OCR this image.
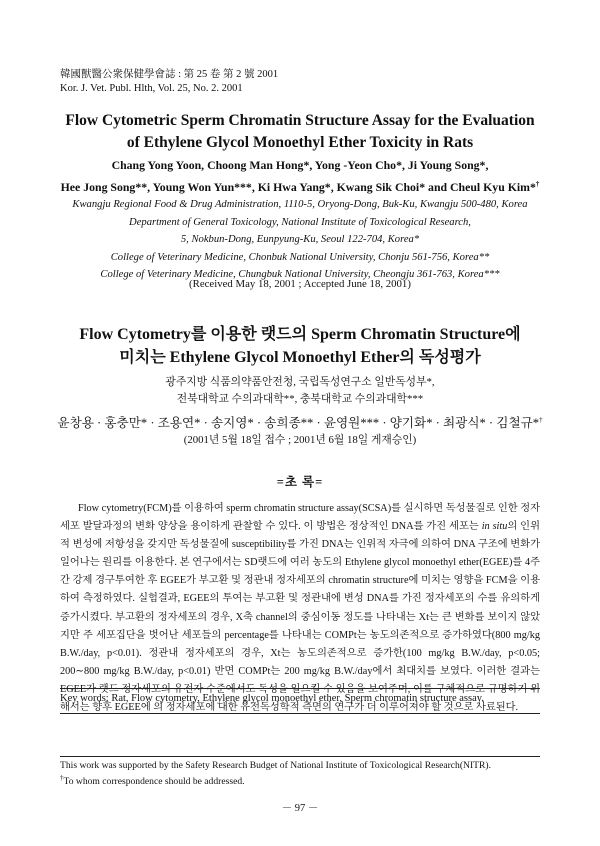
韓國獸醫公衆保健學會誌 : 第 25 卷 第 2 號 2001
Kor. J. Vet. Publ. Hlth, Vol. 25, No. 2. 2001
Flow Cytometric Sperm Chromatin Structure Assay for the Evaluation
of Ethylene Glycol Monoethyl Ether Toxicity in Rats
Chang Yong Yoon, Choong Man Hong*, Yong -Yeon Cho*, Ji Young Song*,
Hee Jong Song**, Young Won Yun***, Ki Hwa Yang*, Kwang Sik Choi* and Cheul Kyu Kim*†
Kwangju Regional Food & Drug Administration, 1110-5, Oryong-Dong, Buk-Ku, Kwangju 500-480, Korea
Department of General Toxicology, National Institute of Toxicological Research,
5, Nokbun-Dong, Eunpyung-Ku, Seoul 122-704, Korea*
College of Veterinary Medicine, Chonbuk National University, Chonju 561-756, Korea**
College of Veterinary Medicine, Chungbuk National University, Cheongju 361-763, Korea***
(Received May 18, 2001 ; Accepted June 18, 2001)
Flow Cytometry를 이용한 랫드의 Sperm Chromatin Structure에
미치는 Ethylene Glycol Monoethyl Ether의 독성평가
광주지방 식품의약품안전청, 국립독성연구소 일반독성부*,
전북대학교 수의과대학**, 충북대학교 수의과대학***
윤창용 · 홍충만* · 조용연* · 송지영* · 송희종** · 윤영원*** · 양기화* · 최광식* · 김철규*†
(2001년 5월 18일 접수 ; 2001년 6월 18일 게재승인)
=초 록=
Flow cytometry(FCM)를 이용하여 sperm chromatin structure assay(SCSA)를 실시하면 독성물질로 인한 정자세포 발달과정의 변화 양상을 용이하게 관찰할 수 있다. 이 방법은 정상적인 DNA를 가진 세포는 in situ의 인위적 변성에 저항성을 갖지만 독성물질에 susceptibility를 가진 DNA는 인위적 자극에 의하여 DNA 구조에 변화가 일어나는 원리를 이용한다. 본 연구에서는 SD랫드에 여러 농도의 Ethylene glycol monoethyl ether(EGEE)를 4주간 강제 경구투여한 후 EGEE가 부고환 및 정관내 정자세포의 chromatin structure에 미치는 영향을 FCM을 이용하여 측정하였다. 실험결과, EGEE의 투여는 부고환 및 정관내에 변성 DNA를 가진 정자세포의 수를 유의하게 증가시켰다. 부고환의 정자세포의 경우, X축 channel의 중심이동 정도를 나타내는 Xt는 큰 변화를 보이지 않았지만 주 세포집단을 벗어난 세포들의 percentage를 나타내는 COMPt는 농도의존적으로 증가하였다(800 mg/kg B.W./day, p<0.01). 정관내 정자세포의 경우, Xt는 농도의존적으로 증가한(100 mg/kg B.W./day, p<0.05; 200∼800 mg/kg B.W./day, p<0.01) 반면 COMPt는 200 mg/kg B.W./day에서 최대치를 보였다. 이러한 결과는 EGEE가 랫드 정자세포의 유전자 수준에서도 독성을 일으킬 수 있음을 보여주며, 이를 구체적으로 규명하기 위해서는 향후 EGEE에 의 정자세포에 대한 유전독성학적 측면의 연구가 더 이루어져야 할 것으로 사료된다.
Key words: Rat, Flow cytometry, Ethylene glycol monoethyl ether, Sperm chromatin structure assay.
This work was supported by the Safety Research Budget of National Institute of Toxicological Research(NITR).
†To whom correspondence should be addressed.
－ 97 －
